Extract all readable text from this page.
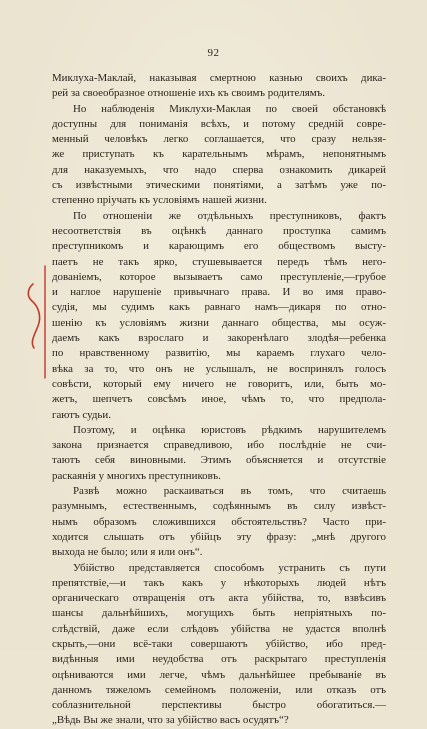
92

Миклуха-Маклай, наказывая смертною казнью своихъ дика-
рей за своеобразное отношеніе ихъ къ своимъ родителямъ.

Но наблюденія Миклухи-Маклая по своей обстановкѣ
доступны для пониманія всѣхъ, и потому средній совре-
менный человѣкъ легко соглашается, что сразу нельзя-
же приступать къ карательнымъ мѣрамъ, непонятнымъ
для наказуемыхъ, что надо сперва ознакомить дикарей
съ извѣстными этическими понятіями, а затѣмъ уже по-
степенно пріучать къ условіямъ нашей жизни.

По отношеніи же отдѣльныхъ преступниковъ, фактъ
несоответствія въ оцѣнкѣ даннаго проступка самимъ
преступникомъ и карающимъ его обществомъ высту-
паетъ не такъ ярко, стушевывается передъ тѣмъ него-
дованіемъ, которое вызываетъ само преступленіе,—грубое
и наглое нарушеніе привычнаго права. И во имя право-
судія, мы судимъ какъ равнаго намъ—дикаря по отно-
шенію къ условіямъ жизни даннаго общества, мы осуж-
даемъ какъ взрослаго и закоренѣлаго злодѣя—ребенка
по нравственному развитію, мы караемъ глухаго чело-
вѣка за то, что онъ не услышалъ, не воспринялъ голосъ
совѣсти, который ему ничего не говоритъ, или, быть мо-
жетъ, шепчетъ совсѣмъ иное, чѣмъ то, что предпола-
гаютъ судьи.

Поэтому, и оцѣнка юристовъ рѣдкимъ нарушителемъ
закона признается справедливою, ибо послѣдніе не счи-
таютъ себя виновными. Этимъ объясняется и отсутствіе
раскаянія у многихъ преступниковъ.

Развѣ можно раскаиваться въ томъ, что считаешь
разумнымъ, естественнымъ, содѣяннымъ въ силу извѣст-
нымъ образомъ сложившихся обстоятельствъ? Часто при-
ходится слышать отъ убійцъ эту фразу: „мнѣ другого
выхода не было; или я или онъ“.

Убійство представляется способомъ устранить съ пути
препятствіе,—и такъ какъ у нѣкоторыхъ людей нѣтъ
органическаго отвращенія отъ акта убійства, то, взвѣсивъ
шансы дальнѣйшихъ, могущихъ быть непріятныхъ по-
слѣдствій, даже если слѣдовъ убійства не удастся вполнѣ
скрыть,—они всё-таки совершаютъ убійство, ибо пред-
видѣнныя ими неудобства отъ раскрытаго преступленія
оцѣниваются ими легче, чѣмъ дальнѣйшее пребываніе въ
данномъ тяжеломъ семейномъ положеніи, или отказъ отъ
соблазнительной перспективы быстро обогатиться.—
„Вѣдь Вы же знали, что за убійство васъ осудятъ“?
